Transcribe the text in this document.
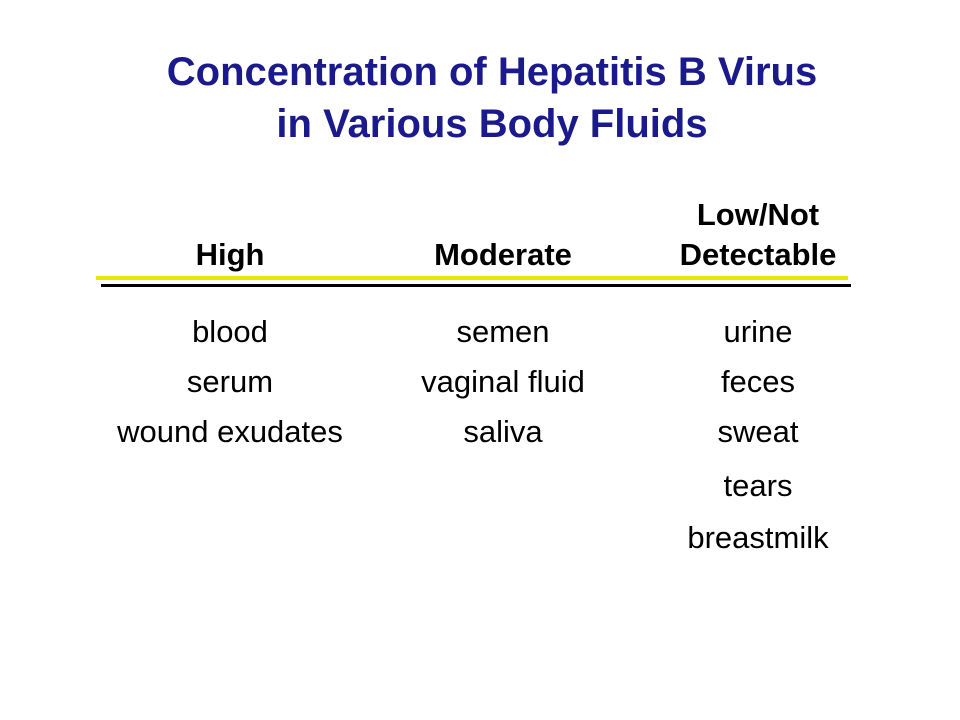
Concentration of Hepatitis B Virus
in Various Body Fluids
High
blood
serum
wound exudates
Moderate
semen
vaginal fluid
saliva
Low/Not
Detectable
urine
feces
sweat
tears
breastmilk
